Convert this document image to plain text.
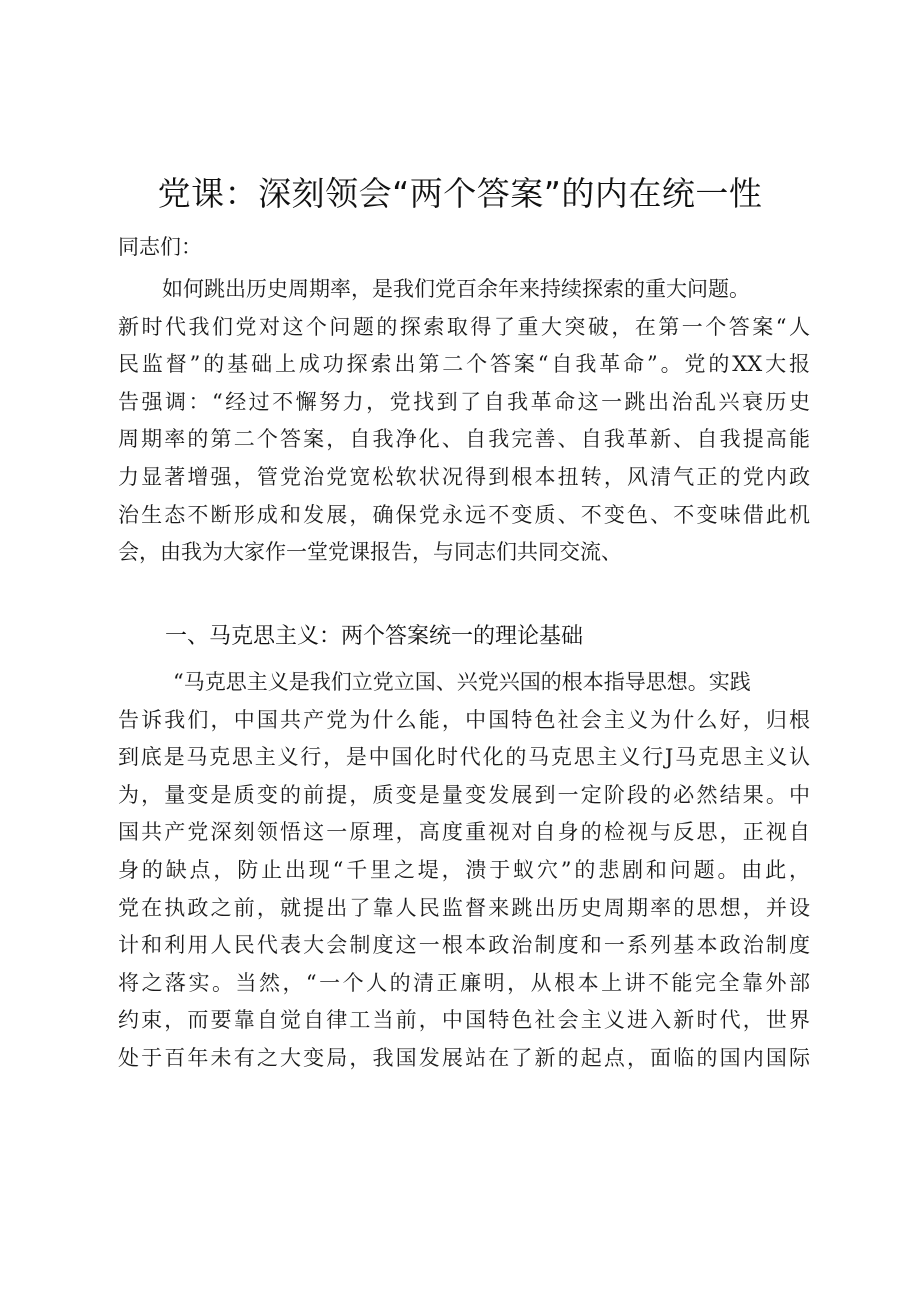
党课：深刻领会“两个答案”的内在统一性
同志们：
如何跳出历史周期率，是我们党百余年来持续探索的重大问题。
新时代我们党对这个问题的探索取得了重大突破，在第一个答案“人
民监督”的基础上成功探索出第二个答案“自我革命”。党的XX大报
告强调：“经过不懈努力，党找到了自我革命这一跳出治乱兴衰历史
周期率的第二个答案，自我净化、自我完善、自我革新、自我提高能
力显著增强，管党治党宽松软状况得到根本扭转，风清气正的党内政
治生态不断形成和发展，确保党永远不变质、不变色、不变味借此机
会，由我为大家作一堂党课报告，与同志们共同交流、
一、马克思主义：两个答案统一的理论基础
“马克思主义是我们立党立国、兴党兴国的根本指导思想。实践
告诉我们，中国共产党为什么能，中国特色社会主义为什么好，归根
到底是马克思主义行，是中国化时代化的马克思主义行J马克思主义认
为，量变是质变的前提，质变是量变发展到一定阶段的必然结果。中
国共产党深刻领悟这一原理，高度重视对自身的检视与反思，正视自
身的缺点，防止出现“千里之堤，溃于蚁穴”的悲剧和问题。由此，
党在执政之前，就提出了靠人民监督来跳出历史周期率的思想，并设
计和利用人民代表大会制度这一根本政治制度和一系列基本政治制度
将之落实。当然，“一个人的清正廉明，从根本上讲不能完全靠外部
约束，而要靠自觉自律工当前，中国特色社会主义进入新时代，世界
处于百年未有之大变局，我国发展站在了新的起点，面临的国内国际
